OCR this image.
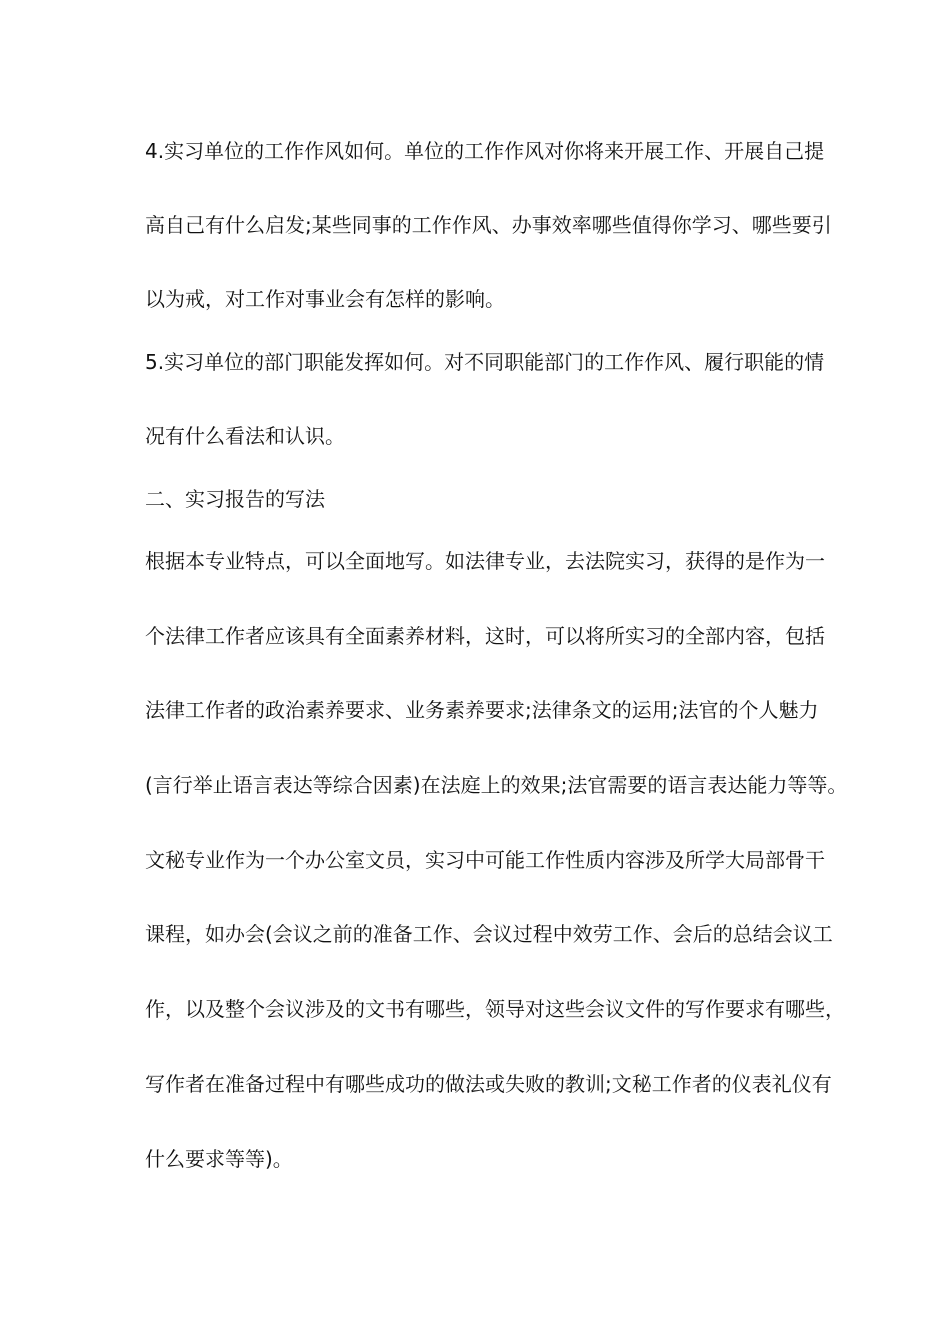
4.实习单位的工作作风如何。单位的工作作风对你将来开展工作、开展自己提
高自己有什么启发;某些同事的工作作风、办事效率哪些值得你学习、哪些要引
以为戒，对工作对事业会有怎样的影响。
5.实习单位的部门职能发挥如何。对不同职能部门的工作作风、履行职能的情
况有什么看法和认识。
二、实习报告的写法
根据本专业特点，可以全面地写。如法律专业，去法院实习，获得的是作为一
个法律工作者应该具有全面素养材料，这时，可以将所实习的全部内容，包括
法律工作者的政治素养要求、业务素养要求;法律条文的运用;法官的个人魅力
(言行举止语言表达等综合因素)在法庭上的效果;法官需要的语言表达能力等等。
文秘专业作为一个办公室文员，实习中可能工作性质内容涉及所学大局部骨干
课程，如办会(会议之前的准备工作、会议过程中效劳工作、会后的总结会议工
作，以及整个会议涉及的文书有哪些，领导对这些会议文件的写作要求有哪些，
写作者在准备过程中有哪些成功的做法或失败的教训;文秘工作者的仪表礼仪有
什么要求等等)。
